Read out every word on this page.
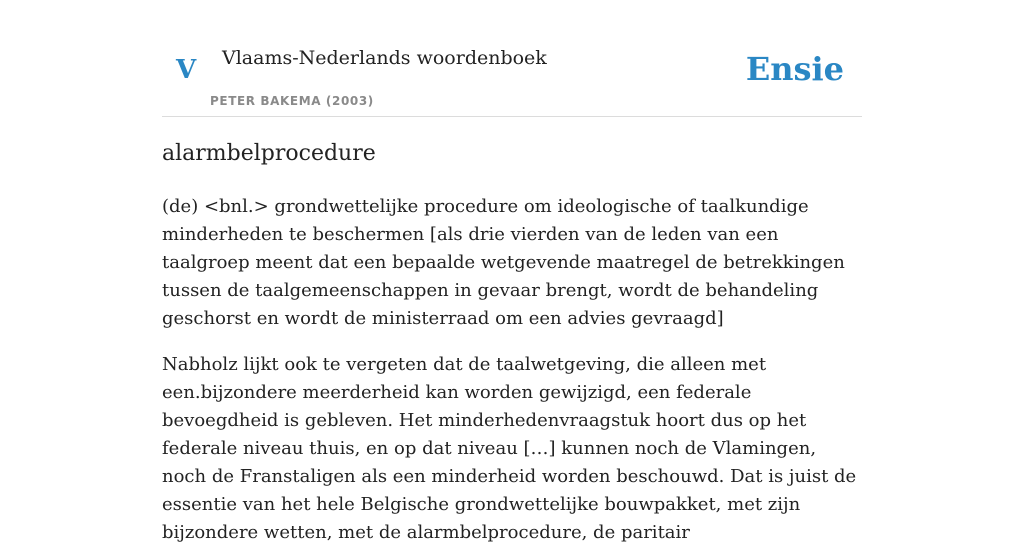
V Vlaams-Nederlands woordenboek
PETER BAKEMA (2003)
Ensie
alarmbelprocedure

(de) <bnl.> grondwettelijke procedure om ideologische of taalkundige minderheden te beschermen [als drie vierden van de leden van een taalgroep meent dat een bepaalde wetgevende maatregel de betrekkingen tussen de taalgemeenschappen in gevaar brengt, wordt de behandeling geschorst en wordt de ministerraad om een advies gevraagd]

Nabholz lijkt ook te vergeten dat de taalwetgeving, die alleen met een.bijzondere meerderheid kan worden gewijzigd, een federale bevoegdheid is gebleven. Het minderhedenvraagstuk hoort dus op het federale niveau thuis, en op dat niveau […] kunnen noch de Vlamingen, noch de Franstaligen als een minderheid worden beschouwd. Dat is juist de essentie van het hele Belgische grondwettelijke bouwpakket, met zijn bijzondere wetten, met de alarmbelprocedure, de paritair
